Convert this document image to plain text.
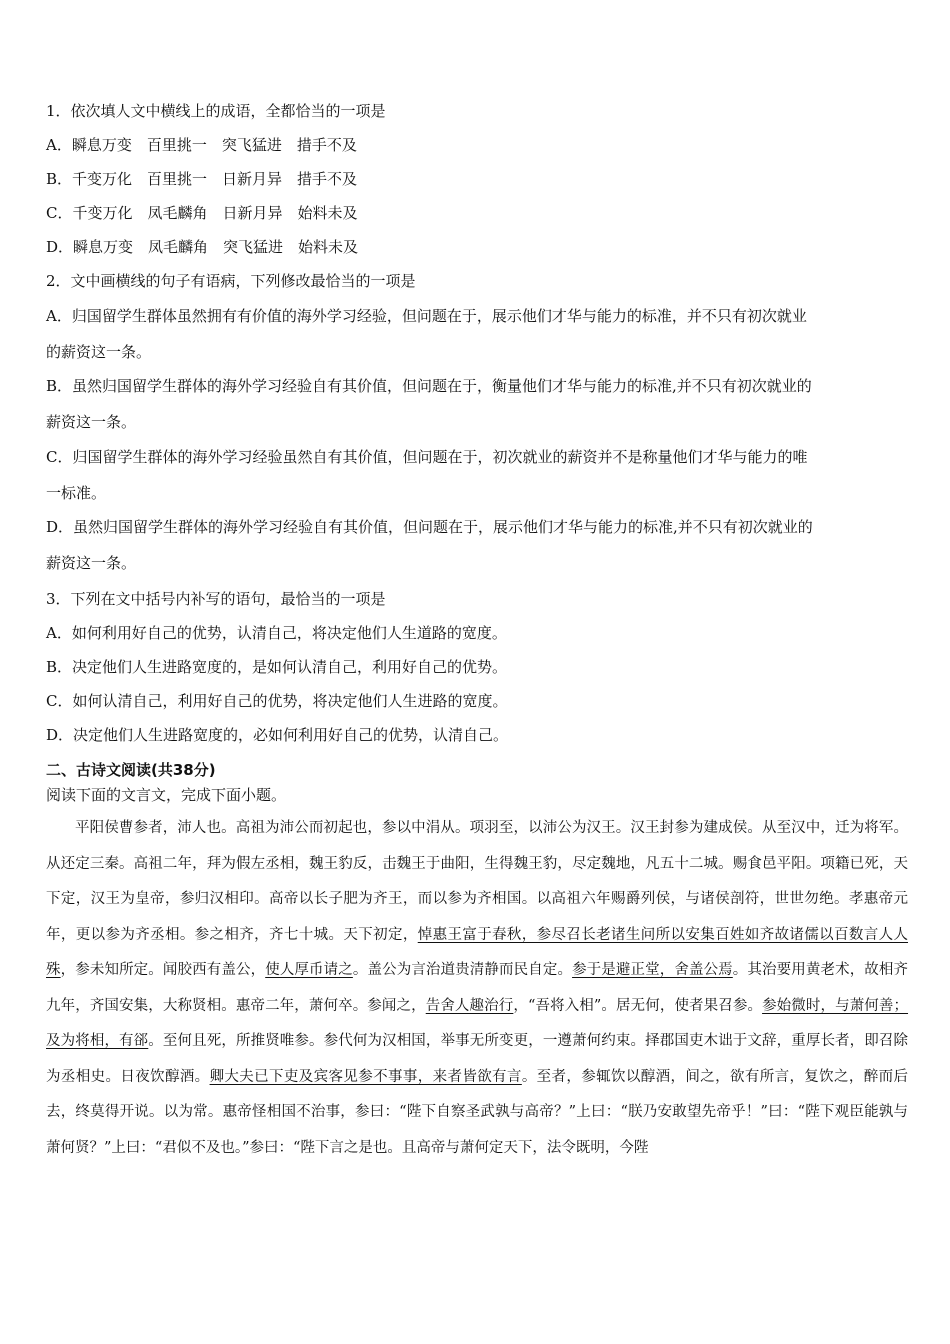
1．依次填人文中横线上的成语，全都恰当的一项是
A．瞬息万变　百里挑一　突飞猛进　措手不及
B．千变万化　百里挑一　日新月异　措手不及
C．千变万化　凤毛麟角　日新月异　始料未及
D．瞬息万变　凤毛麟角　突飞猛进　始料未及
2．文中画横线的句子有语病，下列修改最恰当的一项是
A．归国留学生群体虽然拥有有价值的海外学习经验，但问题在于，展示他们才华与能力的标准，并不只有初次就业
的薪资这一条。
B．虽然归国留学生群体的海外学习经验自有其价值，但问题在于，衡量他们才华与能力的标准,并不只有初次就业的
薪资这一条。
C．归国留学生群体的海外学习经验虽然自有其价值，但问题在于，初次就业的薪资并不是称量他们才华与能力的唯
一标准。
D．虽然归国留学生群体的海外学习经验自有其价值，但问题在于，展示他们才华与能力的标准,并不只有初次就业的
薪资这一条。
3．下列在文中括号内补写的语句，最恰当的一项是
A．如何利用好自己的优势，认清自己，将决定他们人生道路的宽度。
B．决定他们人生进路宽度的，是如何认清自己，利用好自己的优势。
C．如何认清自己，利用好自己的优势，将决定他们人生进路的宽度。
D．决定他们人生进路宽度的，必如何利用好自己的优势，认清自己。
二、古诗文阅读(共38分)
阅读下面的文言文，完成下面小题。

平阳侯曹参者，沛人也。高祖为沛公而初起也，参以中涓从。项羽至，以沛公为汉王。汉王封参为建成侯。从至汉中，迁为将军。从还定三秦。高祖二年，拜为假左丞相，魏王豹反，击魏王于曲阳，生得魏王豹，尽定魏地，凡五十二城。赐食邑平阳。项籍已死，天下定，汉王为皇帝，参归汉相印。高帝以长子肥为齐王，而以参为齐相国。以高祖六年赐爵列侯，与诸侯剖符，世世勿绝。孝惠帝元年，更以参为齐丞相。参之相齐，齐七十城。天下初定，悼惠王富于春秋，参尽召长老诸生问所以安集百姓如齐故诸儒以百数言人人殊，参未知所定。闻胶西有盖公，使人厚币请之。盖公为言治道贵清静而民自定。参于是避正堂，舍盖公焉。其治要用黄老术，故相齐九年，齐国安集，大称贤相。惠帝二年，萧何卒。参闻之，告舍人趣治行，“吾将入相”。居无何，使者果召参。参始微时，与萧何善；及为将相，有郤。至何且死，所推贤唯参。参代何为汉相国，举事无所变更，一遵萧何约束。择郡国吏木诎于文辞，重厚长者，即召除为丞相史。日夜饮醇酒。卿大夫已下吏及宾客见参不事事，来者皆欲有言。至者，参辄饮以醇酒，间之，欲有所言，复饮之，醉而后去，终莫得开说。以为常。惠帝怪相国不治事，参曰：“陛下自察圣武孰与高帝？”上曰：“朕乃安敢望先帝乎！”曰：“陛下观臣能孰与萧何贤？”上曰：“君似不及也。”参曰：“陛下言之是也。且高帝与萧何定天下，法令既明，今陛
